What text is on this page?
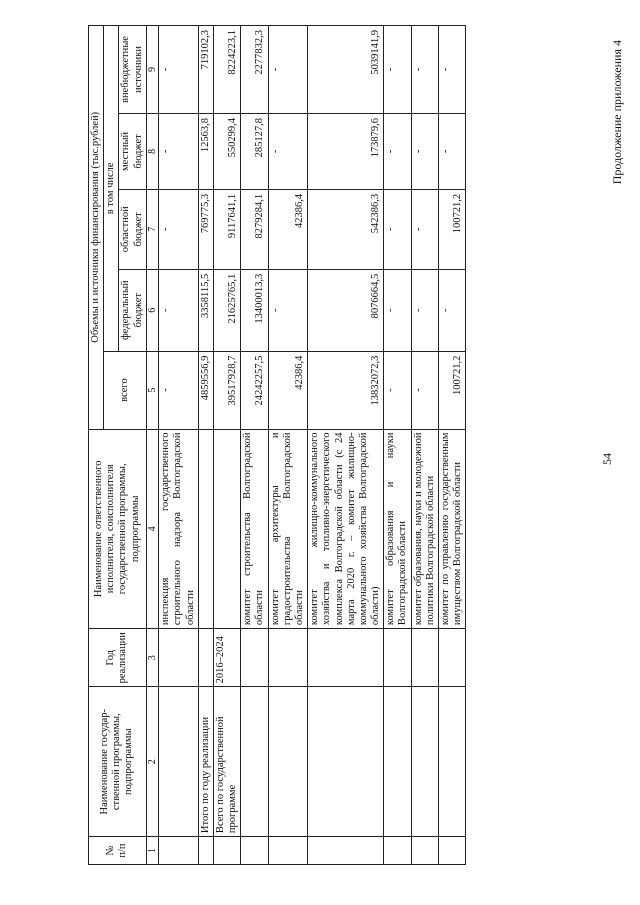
54
Продолжение приложения 4
№ п/п	Наименование государ-ственной программы, подпрограммы	Год реализации	Наименование ответственного исполнителя, соисполнителя государственной программы, подпрограммы	Объемы и источники финансирования (тыс.рублей)				
				всего	в том числе			
					федеральный бюджет	областной бюджет	местный бюджет	внебюджетные источники
1	2	3	4	5	6	7	8	9
			инспекция государственного строительного надзора Волгоградской области	-	-	-	-	-
	Итого по году реализации			4859556,9	3358115,5	769775,3	12563,8	719102,3
	Всего по государственной программе	2016–2024		39517928,7	21625765,1	9117641,1	550299,4	8224223,1
			комитет строительства Волгоградской области	24242257,5	13400013,3	8279284,1	285127,8	2277832,3
			комитет архитектуры и градостроительства Волгоградской области	42386,4	-	42386,4	-	-
			комитет жилищно-коммунального хозяйства и топливно-энергетического комплекса Волгоградской области (с 24 марта 2020 г. – комитет жилищно-коммунального хозяйства Волгоградской области)	13832072,3	8076664,5	542386,3	173879,6	5039141,9
			комитет образования и науки Волгоградской области	-	-	-	-	-
			комитет образования, науки и молодежной политики Волгоградской области	-	-	-	-	-
			комитет по управлению государственным имуществом Волгоградской области	100721,2	-	100721,2	-	-
